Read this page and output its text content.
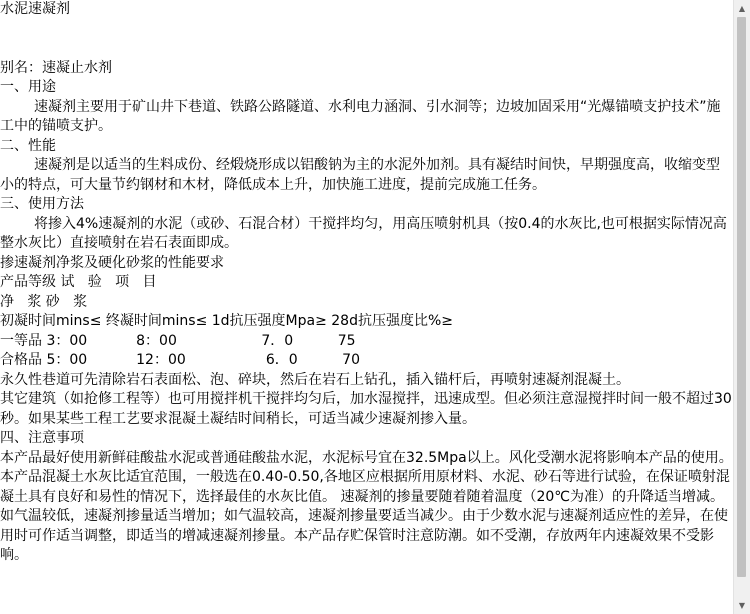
水泥速凝剂
别名：速凝止水剂
一、用途
速凝剂主要用于矿山井下巷道、铁路公路隧道、水利电力涵洞、引水洞等；边坡加固采用“光爆锚喷支护技术”施工中的锚喷支护。
二、性能
速凝剂是以适当的生料成份、经煅烧形成以铝酸钠为主的水泥外加剂。具有凝结时间快，早期强度高，收缩变型小的特点，可大量节约钢材和木材，降低成本上升，加快施工进度，提前完成施工任务。
三、使用方法
将掺入4%速凝剂的水泥（或砂、石混合材）干搅拌均匀，用高压喷射机具（按0.4的水灰比,也可根据实际情况高整水灰比）直接喷射在岩石表面即成。
掺速凝剂净浆及硬化砂浆的性能要求
产品等级 试   验   项   目
净   浆 砂   浆
初凝时间mins≤ 终凝时间mins≤ 1d抗压强度Mpa≥ 28d抗压强度比%≥
一等品 3：00           8：00                   7．0          75
合格品 5：00           12：00                  6．0          70
永久性巷道可先清除岩石表面松、泡、碎块，然后在岩石上钻孔，插入锚杆后，再喷射速凝剂混凝土。
其它建筑（如抢修工程等）也可用搅拌机干搅拌均匀后，加水湿搅拌，迅速成型。但必须注意湿搅拌时间一般不超过30秒。如果某些工程工艺要求混凝土凝结时间稍长，可适当减少速凝剂掺入量。
四、注意事项
本产品最好使用新鲜硅酸盐水泥或普通硅酸盐水泥，水泥标号宜在32.5Mpa以上。风化受潮水泥将影响本产品的使用。本产品混凝土水灰比适宜范围，一般选在0.40-0.50,各地区应根据所用原材料、水泥、砂石等进行试验，在保证喷射混凝土具有良好和易性的情况下，选择最佳的水灰比值。 速凝剂的掺量要随着随着温度（20℃为准）的升降适当增减。如气温较低，速凝剂掺量适当增加；如气温较高，速凝剂掺量要适当减少。由于少数水泥与速凝剂适应性的差异，在使用时可作适当调整，即适当的增减速凝剂掺量。本产品存贮保管时注意防潮。如不受潮，存放两年内速凝效果不受影响。
▲
▼
